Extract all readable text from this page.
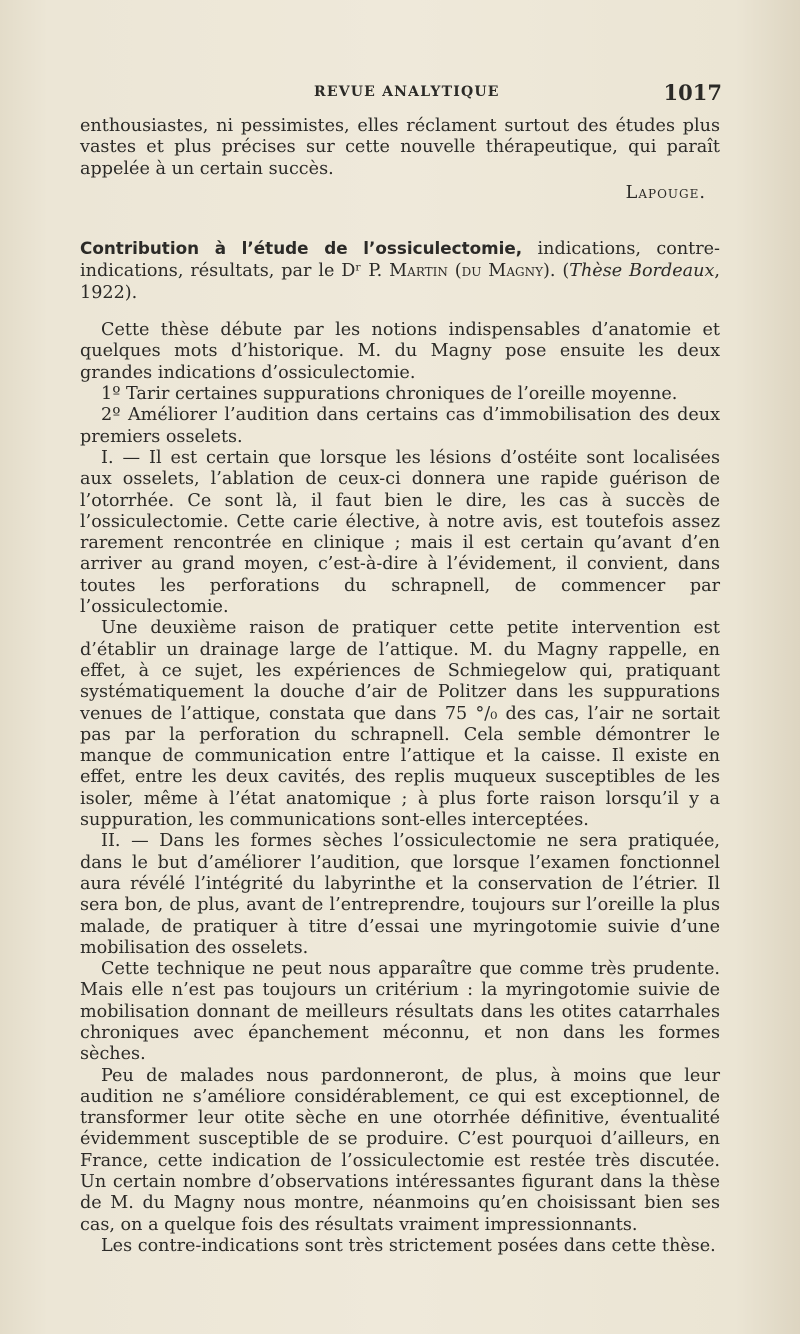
REVUE ANALYTIQUE	1017

enthousiastes, ni pessimistes, elles réclament surtout des études plus vastes et plus précises sur cette nouvelle thérapeutique, qui paraît appelée à un certain succès.

Lapouge.

Contribution à l’étude de l’ossiculectomie, indications, contre-indications, résultats, par le Dʳ P. Martin (du Magny). (Thèse Bordeaux, 1922).

Cette thèse débute par les notions indispensables d’anatomie et quelques mots d’historique. M. du Magny pose ensuite les deux grandes indications d’ossiculectomie.

1º Tarir certaines suppurations chroniques de l’oreille moyenne.

2º Améliorer l’audition dans certains cas d’immobilisation des deux premiers osselets.

I. — Il est certain que lorsque les lésions d’ostéite sont localisées aux osselets, l’ablation de ceux-ci donnera une rapide guérison de l’otorrhée. Ce sont là, il faut bien le dire, les cas à succès de l’ossiculectomie. Cette carie élective, à notre avis, est toutefois assez rarement rencontrée en clinique ; mais il est certain qu’avant d’en arriver au grand moyen, c’est-à-dire à l’évidement, il convient, dans toutes les perforations du schrapnell, de commencer par l’ossiculectomie.

Une deuxième raison de pratiquer cette petite intervention est d’établir un drainage large de l’attique. M. du Magny rappelle, en effet, à ce sujet, les expériences de Schmiegelow qui, pratiquant systématiquement la douche d’air de Politzer dans les suppurations venues de l’attique, constata que dans 75 °/₀ des cas, l’air ne sortait pas par la perforation du schrapnell. Cela semble démontrer le manque de communication entre l’attique et la caisse. Il existe en effet, entre les deux cavités, des replis muqueux susceptibles de les isoler, même à l’état anatomique ; à plus forte raison lorsqu’il y a suppuration, les communications sont-elles interceptées.

II. — Dans les formes sèches l’ossiculectomie ne sera pratiquée, dans le but d’améliorer l’audition, que lorsque l’examen fonctionnel aura révélé l’intégrité du labyrinthe et la conservation de l’étrier. Il sera bon, de plus, avant de l’entreprendre, toujours sur l’oreille la plus malade, de pratiquer à titre d’essai une myringotomie suivie d’une mobilisation des osselets.

Cette technique ne peut nous apparaître que comme très prudente. Mais elle n’est pas toujours un critérium : la myringotomie suivie de mobilisation donnant de meilleurs résultats dans les otites catarrhales chroniques avec épanchement méconnu, et non dans les formes sèches.

Peu de malades nous pardonneront, de plus, à moins que leur audition ne s’améliore considérablement, ce qui est exceptionnel, de transformer leur otite sèche en une otorrhée définitive, éventualité évidemment susceptible de se produire. C’est pourquoi d’ailleurs, en France, cette indication de l’ossiculectomie est restée très discutée. Un certain nombre d’observations intéressantes figurant dans la thèse de M. du Magny nous montre, néanmoins qu’en choisissant bien ses cas, on a quelque fois des résultats vraiment impressionnants.

Les contre-indications sont très strictement posées dans cette thèse.
